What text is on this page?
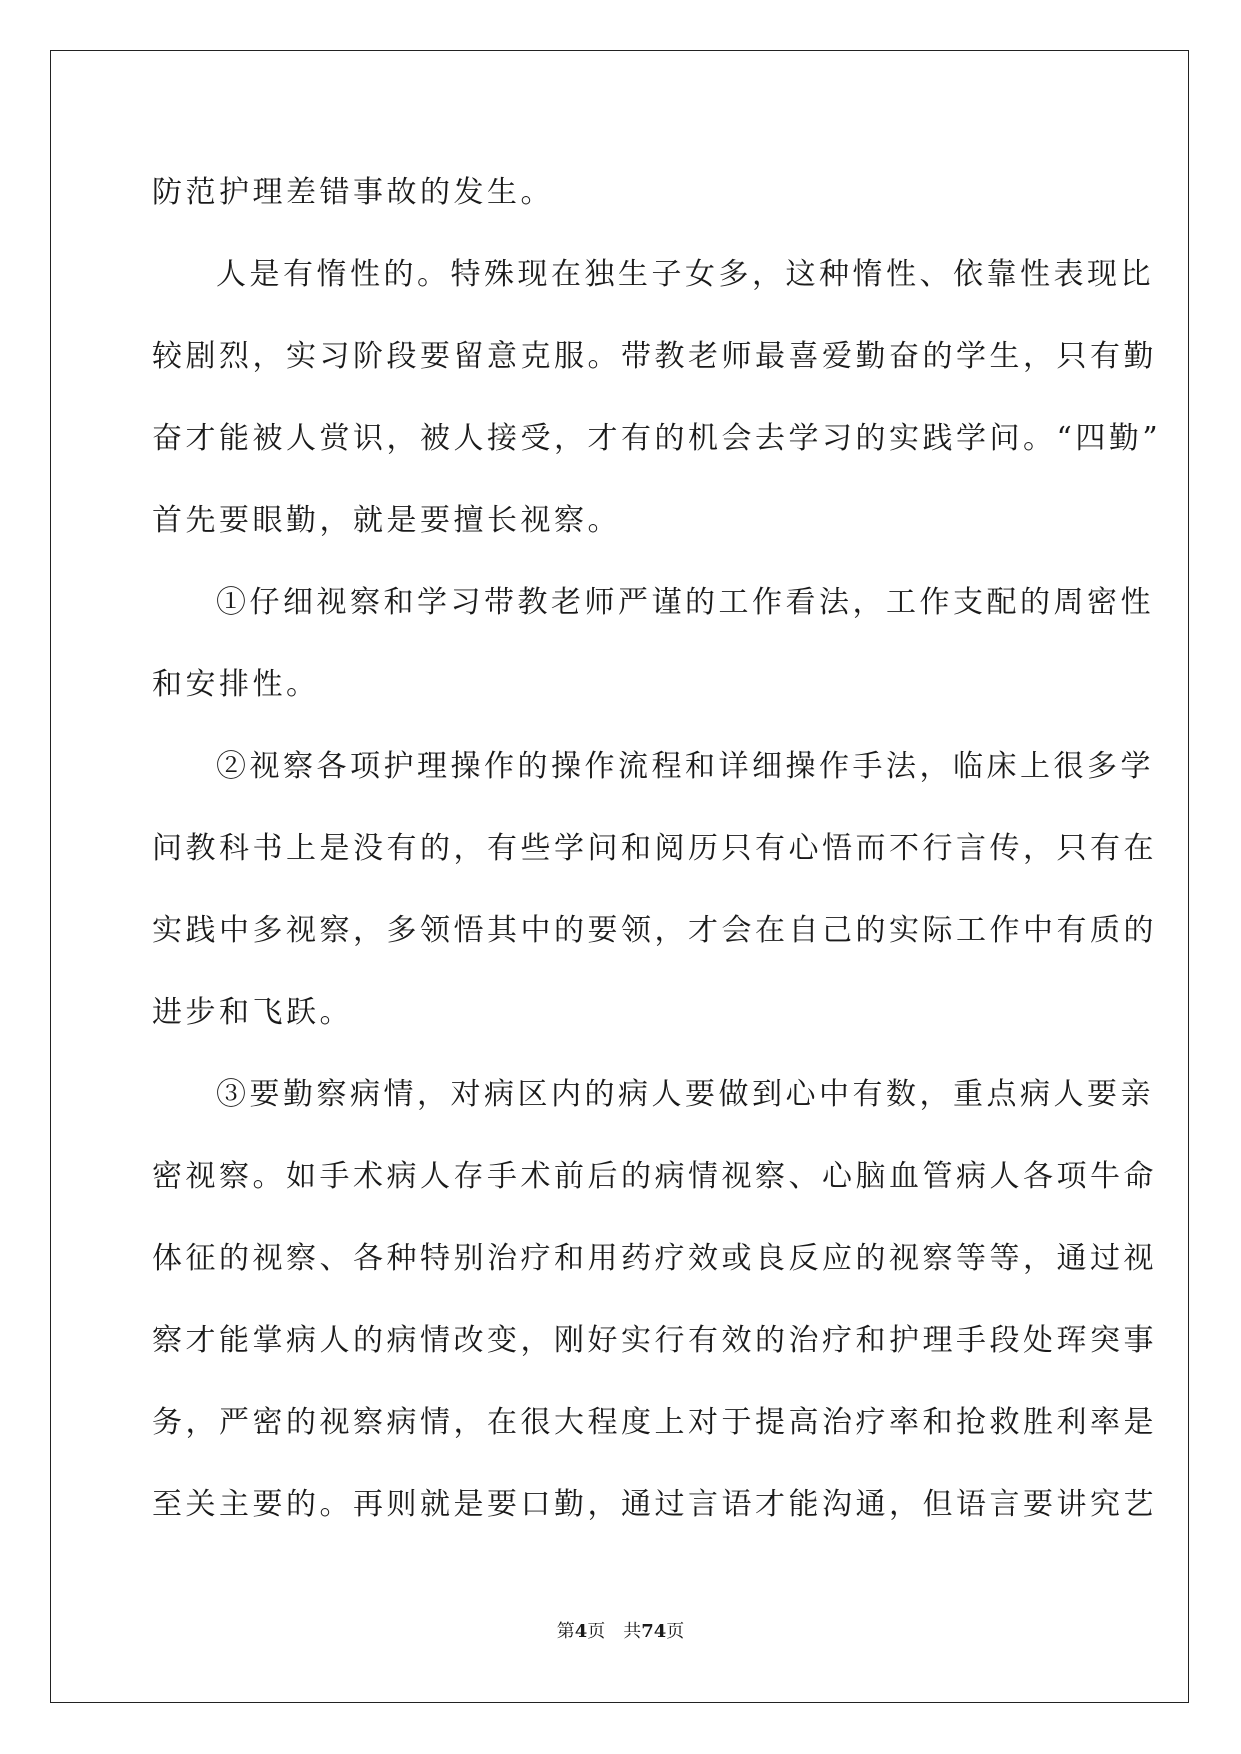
防范护理差错事故的发生。
人是有惰性的。特殊现在独生子女多，这种惰性、依靠性表现比
较剧烈，实习阶段要留意克服。带教老师最喜爱勤奋的学生，只有勤
奋才能被人赏识，被人接受，才有的机会去学习的实践学问。“四勤”
首先要眼勤，就是要擅长视察。
①仔细视察和学习带教老师严谨的工作看法，工作支配的周密性
和安排性。
②视察各项护理操作的操作流程和详细操作手法，临床上很多学
问教科书上是没有的，有些学问和阅历只有心悟而不行言传，只有在
实践中多视察，多领悟其中的要领，才会在自己的实际工作中有质的
进步和飞跃。
③要勤察病情，对病区内的病人要做到心中有数，重点病人要亲
密视察。如手术病人存手术前后的病情视察、心脑血管病人各项牛命
体征的视察、各种特别治疗和用药疗效或良反应的视察等等，通过视
察才能掌病人的病情改变，刚好实行有效的治疗和护理手段处珲突事
务，严密的视察病情，在很大程度上对于提高治疗率和抢救胜利率是
至关主要的。再则就是要口勤，通过言语才能沟通，但语言要讲究艺
第4页 共74页
